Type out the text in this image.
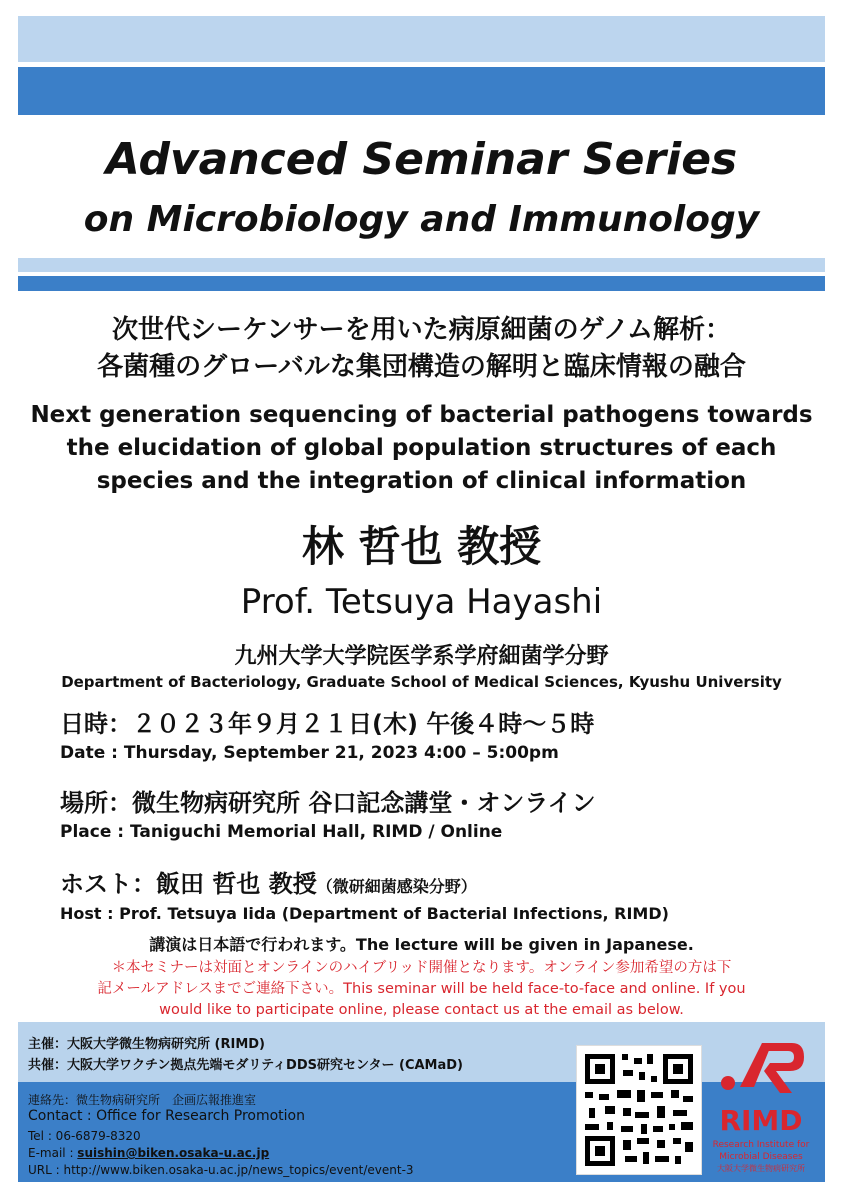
Advanced Seminar Series
on Microbiology and Immunology
次世代シーケンサーを用いた病原細菌のゲノム解析：
各菌種のグローバルな集団構造の解明と臨床情報の融合
Next generation sequencing of bacterial pathogens towards
the elucidation of global population structures of each
species and the integration of clinical information
林 哲也 教授
Prof. Tetsuya Hayashi
九州大学大学院医学系学府細菌学分野
Department of Bacteriology, Graduate School of Medical Sciences, Kyushu University
日時：２０２３年９月２１日(木) 午後４時～５時
Date : Thursday, September 21, 2023 4:00 – 5:00pm
場所：微生物病研究所 谷口記念講堂・オンライン
Place : Taniguchi Memorial Hall, RIMD / Online
ホスト：飯田 哲也 教授（微研細菌感染分野）
Host : Prof. Tetsuya Iida (Department of Bacterial Infections, RIMD)
講演は日本語で行われます。The lecture will be given in Japanese.
＊本セミナーは対面とオンラインのハイブリッド開催となります。オンライン参加希望の方は下
記メールアドレスまでご連絡下さい。This seminar will be held face-to-face and online. If you
would like to participate online, please contact us at the email as below.
主催：大阪大学微生物病研究所 (RIMD)
共催：大阪大学ワクチン拠点先端モダリティDDS研究センター (CAMaD)
連絡先：微生物病研究所　企画広報推進室
Contact : Office for Research Promotion
Tel : 06-6879-8320
E-mail : suishin@biken.osaka-u.ac.jp
URL : http://www.biken.osaka-u.ac.jp/news_topics/event/event-3
RIMD
Research Institute for
Microbial Diseases
大阪大学微生物病研究所
